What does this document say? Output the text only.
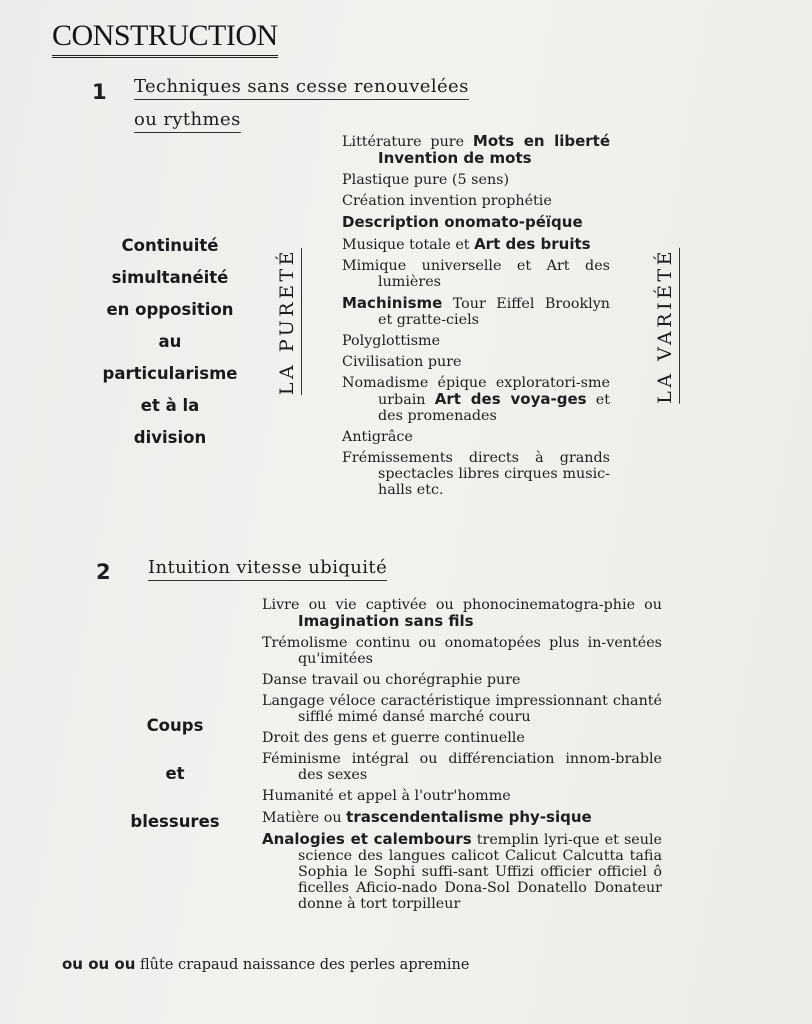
CONSTRUCTION
1 Techniques sans cesse renouvelées
ou rythmes
Continuité
simultanéité
en opposition
au
particularisme
et à la
division
LA PURETÉ	LA VARIÉTÉ
Littérature pure Mots en liberté Invention de mots
Plastique pure (5 sens)
Création invention prophétie
Description onomato-péïque
Musique totale et Art des bruits
Mimique universelle et Art des lumières
Machinisme Tour Eiffel Brooklyn et gratte-ciels
Polyglottisme
Civilisation pure
Nomadisme épique exploratori-sme urbain Art des voya-ges et des promenades
Antigrâce
Frémissements directs à grands spectacles libres cirques music-halls etc.
2 Intuition vitesse ubiquité
Coups
et
blessures
Livre ou vie captivée ou phonocinematogra-phie ou Imagination sans fils
Trémolisme continu ou onomatopées plus in-ventées qu'imitées
Danse travail ou chorégraphie pure
Langage véloce caractéristique impressionnant chanté sifflé mimé dansé marché couru
Droit des gens et guerre continuelle
Féminisme intégral ou différenciation innom-brable des sexes
Humanité et appel à l'outr'homme
Matière ou trascendentalisme phy-sique
Analogies et calembours tremplin lyri-que et seule science des langues calicot Calicut Calcutta tafia Sophia le Sophi suffi-sant Uffizi officier officiel ô ficelles Aficio-nado Dona-Sol Donatello Donateur donne à tort torpilleur
ou ou ou flûte crapaud naissance des perles apremine
